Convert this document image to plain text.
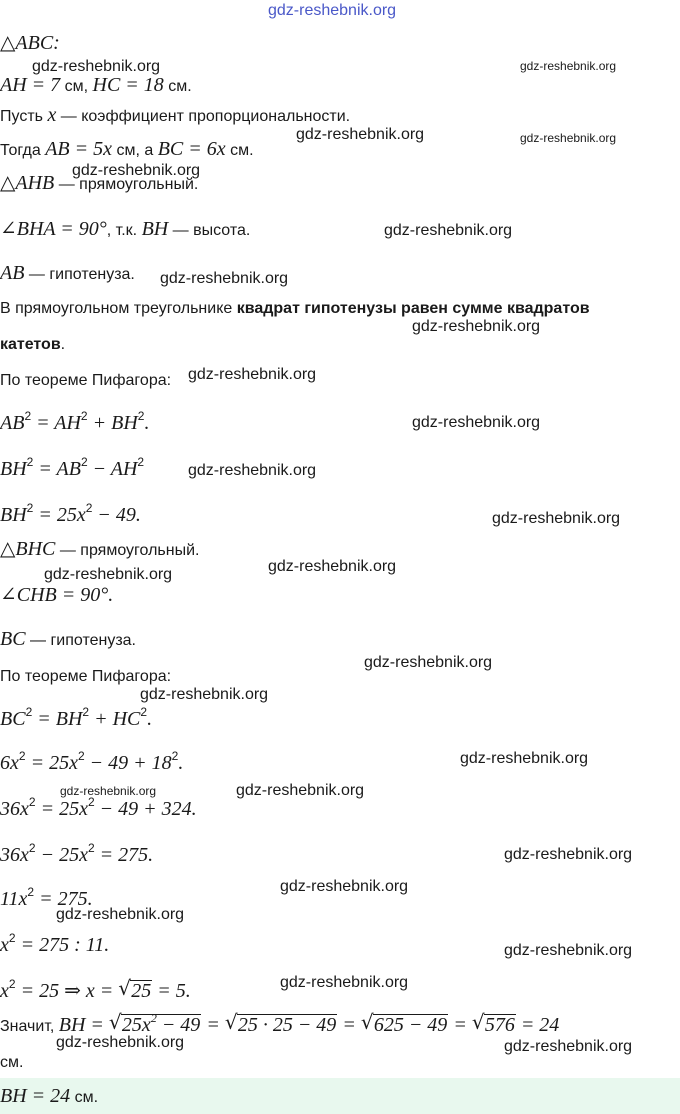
gdz-reshebnik.org
△ABC:
AH = 7 см, HC = 18 см.
Пусть x — коэффициент пропорциональности.
Тогда AB = 5x см, а BC = 6x см.
△AHB — прямоугольный.
∠BHA = 90°, т.к. BH — высота.
AB — гипотенуза.
В прямоугольном треугольнике квадрат гипотенузы равен сумме квадратов
катетов.
По теореме Пифагора:
$AB^2 = AH^2 + BH^2$.
$BH^2 = AB^2 - AH^2$
$BH^2 = 25x^2 - 49$.
△BHC — прямоугольный.
∠CHB = 90°.
BC — гипотенуза.
По теореме Пифагора:
$BC^2 = BH^2 + HC^2$.
$6x^2 = 25x^2 - 49 + 18^2$.
$36x^2 = 25x^2 - 49 + 324$.
$36x^2 - 25x^2 = 275$.
$11x^2 = 275$.
$x^2 = 275$ : 11.
$x^2 = 25$ ⇒ x = √ 25 = 5.
Значит, BH = √ $25x^2 - 49$ = √ 25 · 25 − 49 = √ 625 − 49 = √ 576 = 24
см.
BH = 24 см.
gdz-reshebnik.org	gdz-reshebnik.org
gdz-reshebnik.org	gdz-reshebnik.org
gdz-reshebnik.org
gdz-reshebnik.org
gdz-reshebnik.org
gdz-reshebnik.org
gdz-reshebnik.org
gdz-reshebnik.org
gdz-reshebnik.org
gdz-reshebnik.org
gdz-reshebnik.org
gdz-reshebnik.org
gdz-reshebnik.org
gdz-reshebnik.org
gdz-reshebnik.org
gdz-reshebnik.org	gdz-reshebnik.org
gdz-reshebnik.org
gdz-reshebnik.org
gdz-reshebnik.org
gdz-reshebnik.org
gdz-reshebnik.org
gdz-reshebnik.org	gdz-reshebnik.org
